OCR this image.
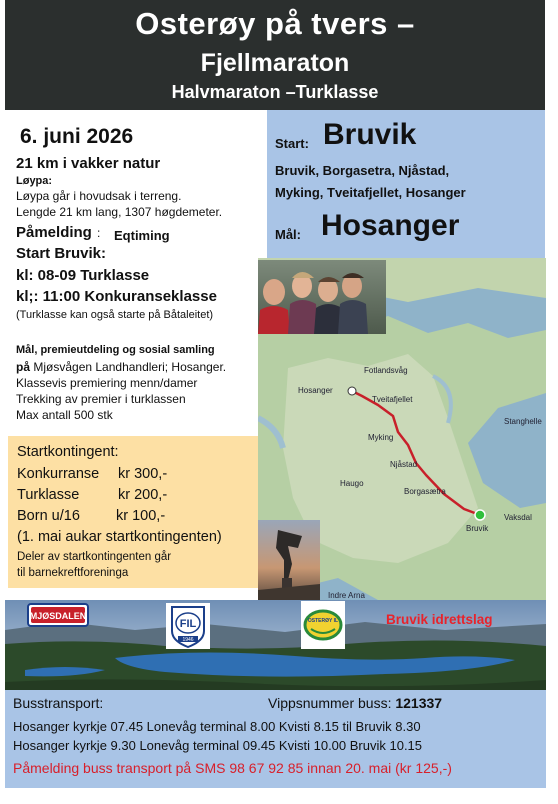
Osterøy på tvers –
Fjellmaraton
Halvmaraton –Turklasse
6. juni 2026
21 km i vakker natur
Løypa:
Løypa går i hovudsak i terreng.
Lengde 21 km lang, 1307 høgdemeter.
Påmelding : Eqtiming
Start Bruvik:
kl: 08-09 Turklasse
kl;: 11:00 Konkuranseklasse
(Turklasse kan også starte på Båtaleitet)
Mål, premieutdeling og sosial samling
på Mjøsvågen Landhandleri; Hosanger.
Klassevis premiering menn/damer
Trekking av premier i turklassen
Max antall 500 stk
Startkontingent:
Konkurranse kr 300,-
Turklasse	kr 200,-
Born u/16 kr 100,-
(1. mai aukar startkontingenten)
Deler av startkontingenten går
til barnekreftforeninga
Start: Bruvik
Bruvik, Borgasetra, Njåstad,
Myking, Tveitafjellet, Hosanger
Mål: Hosanger
Hosanger
Fotlandsvåg
Tveitafjellet
Myking
Njåstad
Borgasætra
Bruvik
Haugo
Vaksdal
Stanghelle
Indre Arna
MJØSDALEN
FIL
1946
OSTERØY IL	Bruvik idrettslag
Busstransport:	Vippsnummer buss: 121337
Hosanger kyrkje 07.45 Lonevåg terminal 8.00 Kvisti 8.15 til Bruvik 8.30
Hosanger kyrkje 9.30 Lonevåg terminal 09.45 Kvisti 10.00 Bruvik 10.15
Påmelding buss transport på SMS 98 67 92 85 innan 20. mai (kr 125,-)
